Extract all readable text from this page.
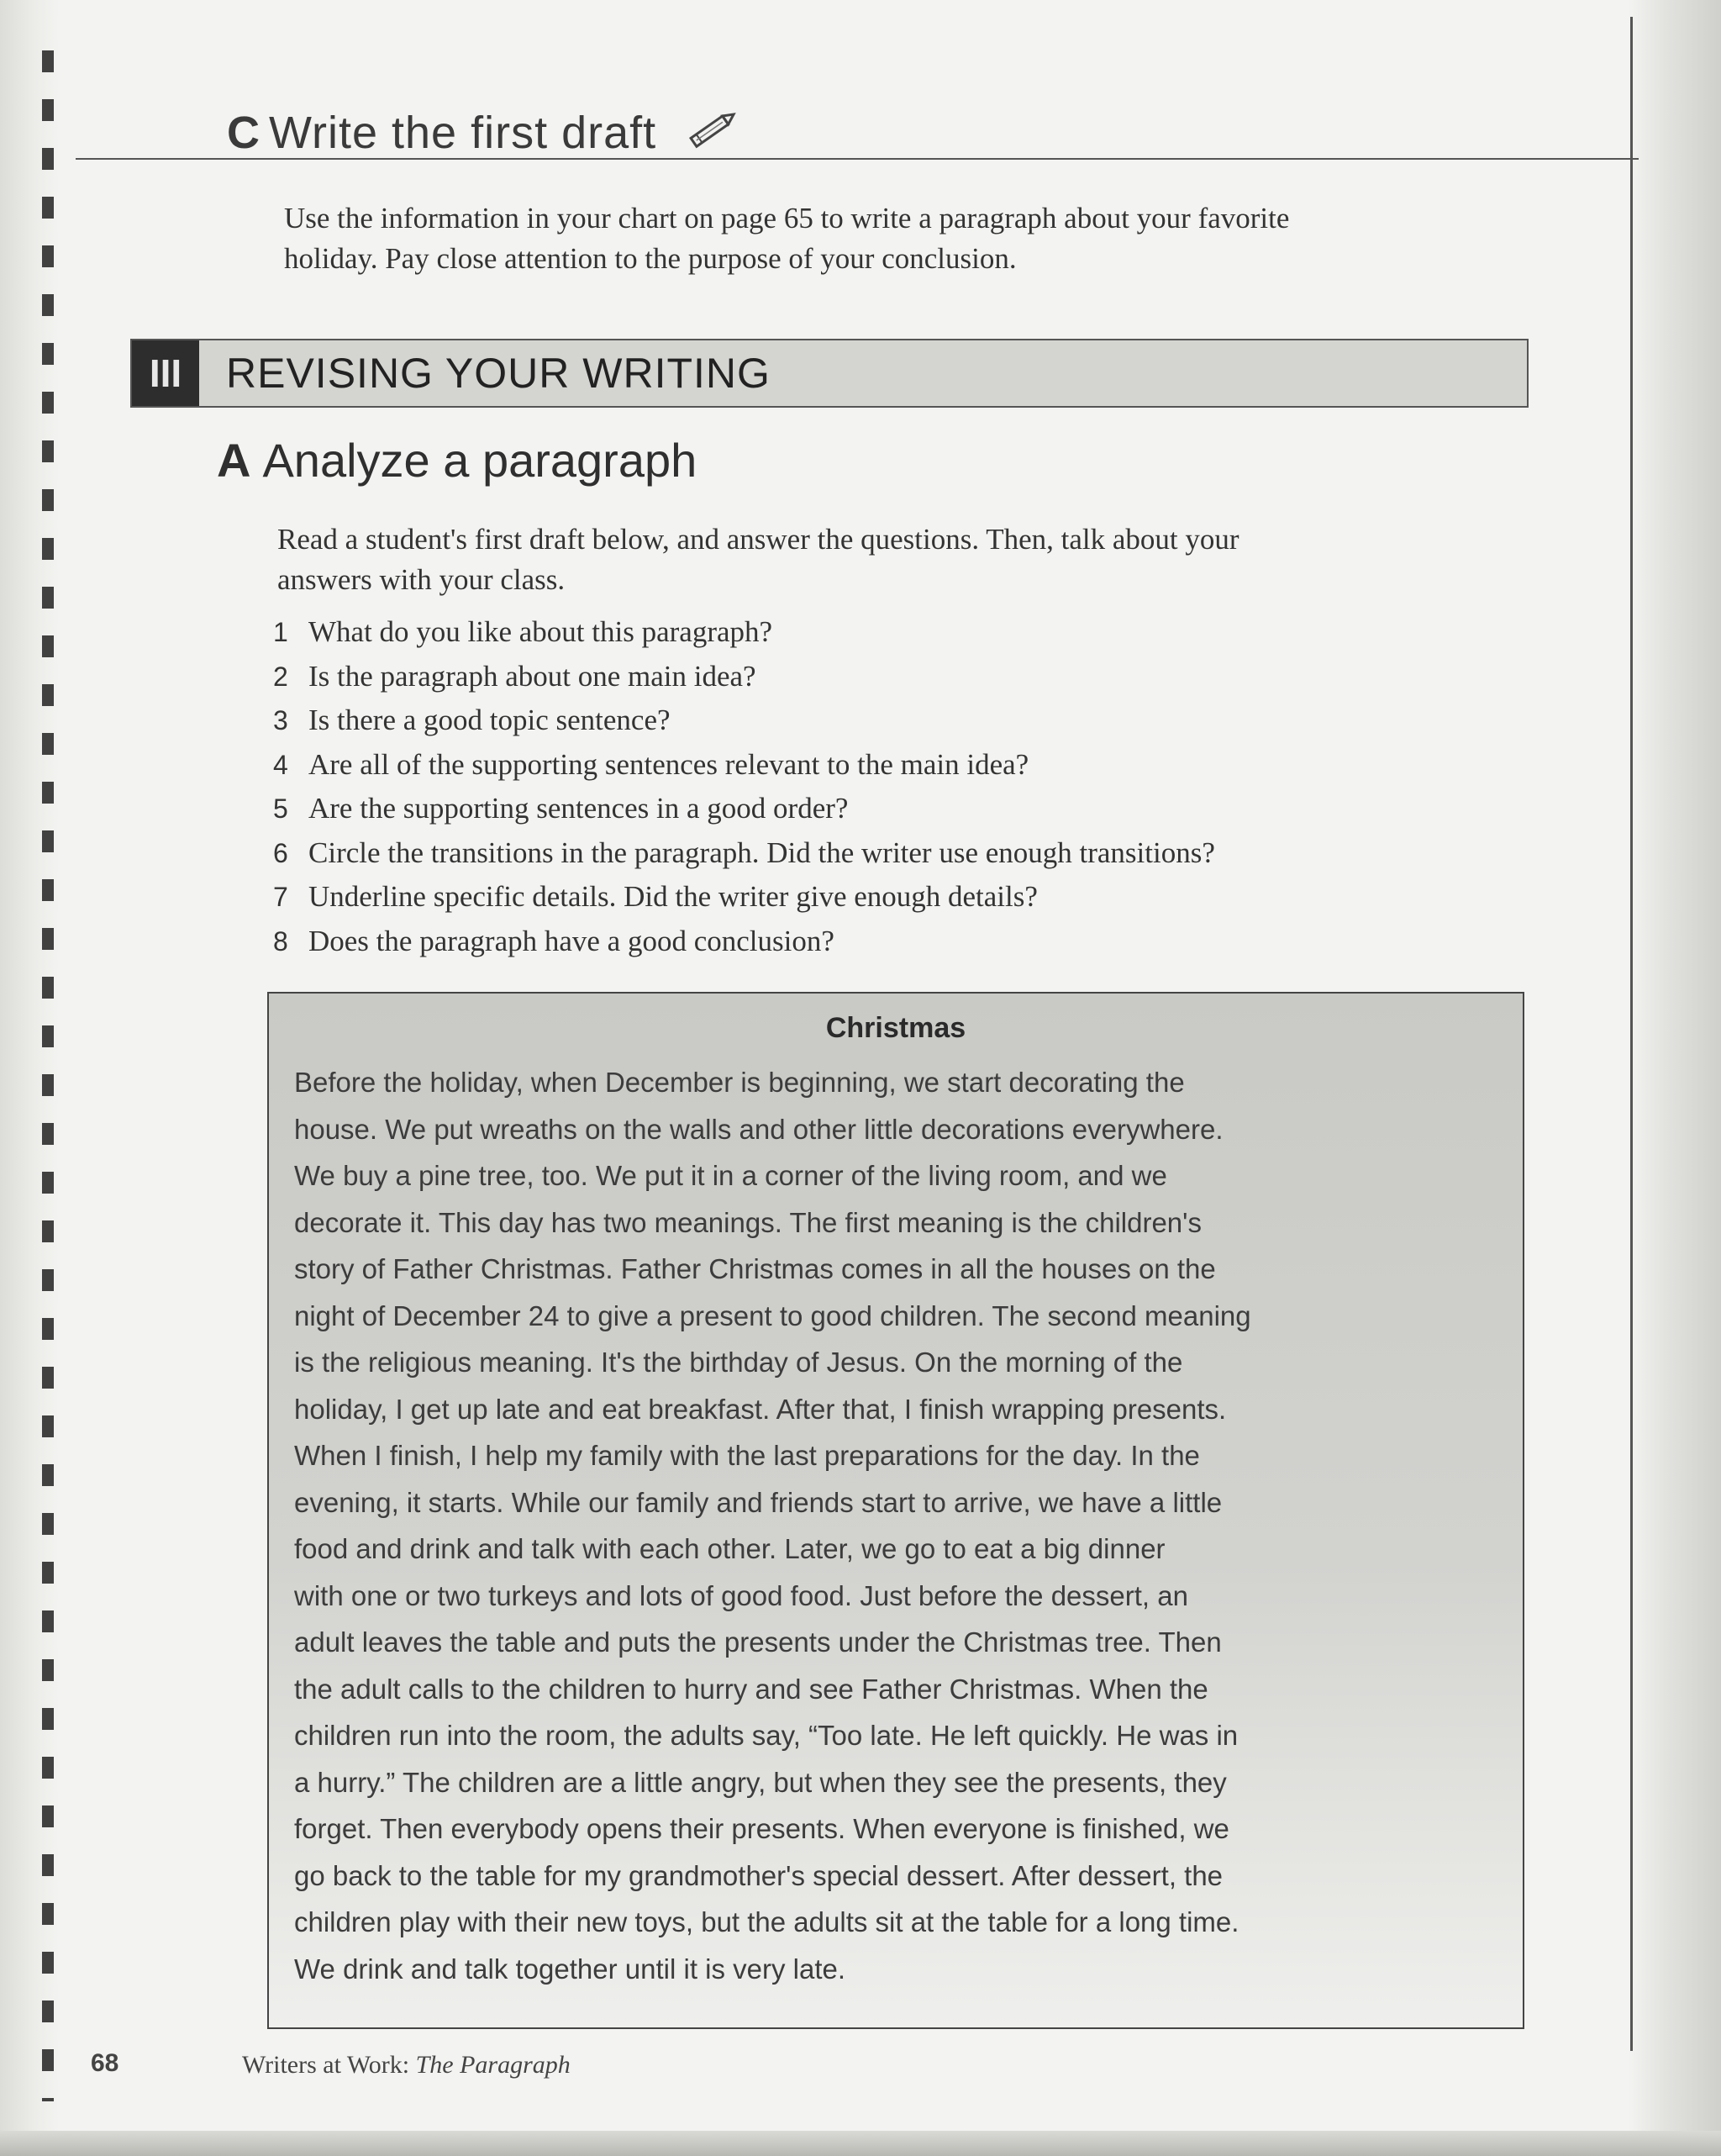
C Write the first draft
Use the information in your chart on page 65 to write a paragraph about your favorite
holiday. Pay close attention to the purpose of your conclusion.
III	REVISING YOUR WRITING
A Analyze a paragraph
Read a student's first draft below, and answer the questions. Then, talk about your
answers with your class.
1 What do you like about this paragraph?
2 Is the paragraph about one main idea?
3 Is there a good topic sentence?
4 Are all of the supporting sentences relevant to the main idea?
5 Are the supporting sentences in a good order?
6 Circle the transitions in the paragraph. Did the writer use enough transitions?
7 Underline specific details. Did the writer give enough details?
8 Does the paragraph have a good conclusion?
Christmas
Before the holiday, when December is beginning, we start decorating the
house. We put wreaths on the walls and other little decorations everywhere.
We buy a pine tree, too. We put it in a corner of the living room, and we
decorate it. This day has two meanings. The first meaning is the children's
story of Father Christmas. Father Christmas comes in all the houses on the
night of December 24 to give a present to good children. The second meaning
is the religious meaning. It's the birthday of Jesus. On the morning of the
holiday, I get up late and eat breakfast. After that, I finish wrapping presents.
When I finish, I help my family with the last preparations for the day. In the
evening, it starts. While our family and friends start to arrive, we have a little
food and drink and talk with each other. Later, we go to eat a big dinner
with one or two turkeys and lots of good food. Just before the dessert, an
adult leaves the table and puts the presents under the Christmas tree. Then
the adult calls to the children to hurry and see Father Christmas. When the
children run into the room, the adults say, “Too late. He left quickly. He was in
a hurry.” The children are a little angry, but when they see the presents, they
forget. Then everybody opens their presents. When everyone is finished, we
go back to the table for my grandmother's special dessert. After dessert, the
children play with their new toys, but the adults sit at the table for a long time.
We drink and talk together until it is very late.
68	Writers at Work: The Paragraph
